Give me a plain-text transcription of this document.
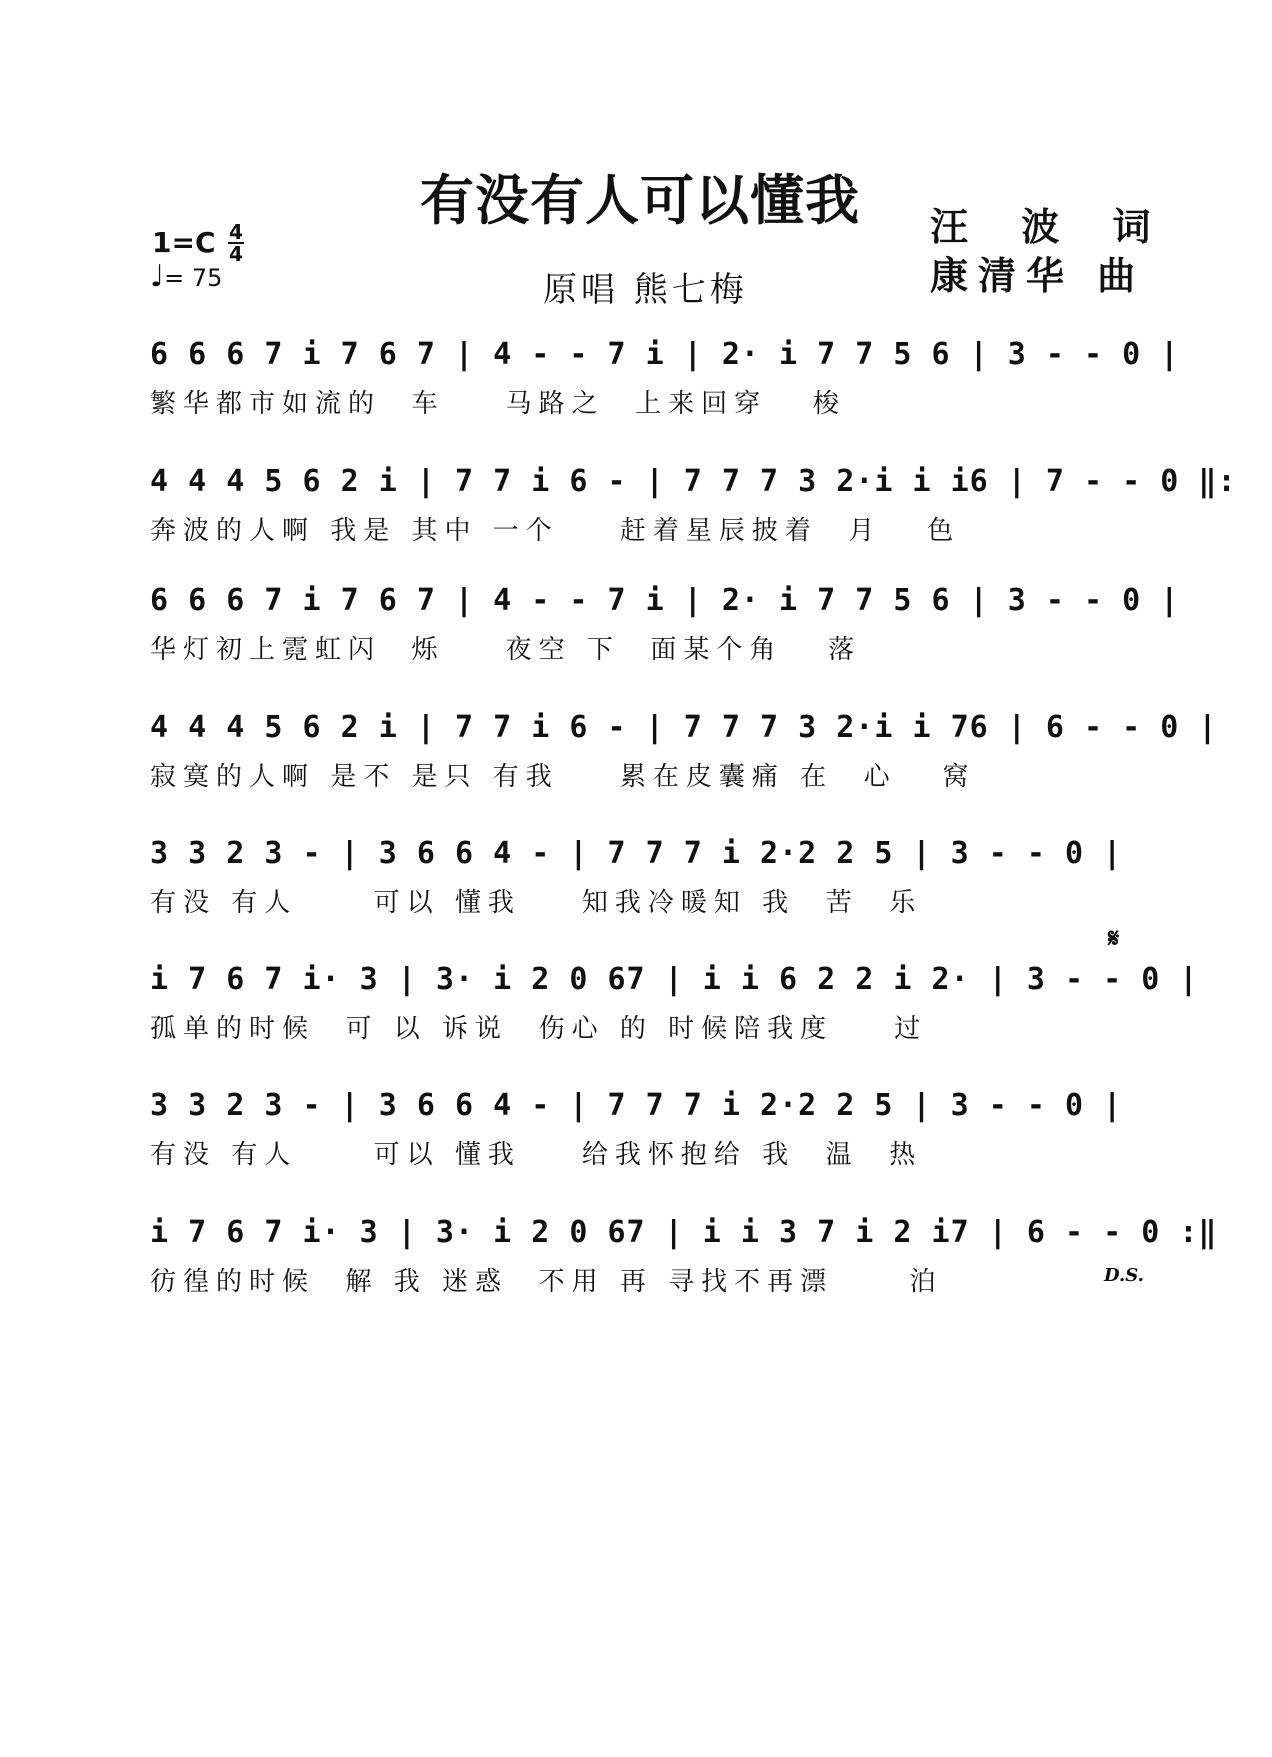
有没有人可以懂我 汪 波 词
康清华 曲
原唱 熊七梅
1=C 4
4
♩= 75
6 6 6 7 i 7 6 7 | 4 - - 7 i | 2· i 7 7 5 6 | 3 - - 0 |
繁华都市如流的  车    马路之  上来回穿   梭
4 4 4 5 6 2 i | 7 7 i 6 - | 7 7 7 3 2·i i i6 | 7 - - 0 ‖:
奔波的人啊 我是 其中 一个    赶着星辰披着  月   色
6 6 6 7 i 7 6 7 | 4 - - 7 i | 2· i 7 7 5 6 | 3 - - 0 |
华灯初上霓虹闪  烁    夜空 下  面某个角   落
4 4 4 5 6 2 i | 7 7 i 6 - | 7 7 7 3 2·i i 76 | 6 - - 0 |
寂寞的人啊 是不 是只 有我    累在皮囊痛 在  心   窝
3 3 2 3 - | 3 6 6 4 - | 7 7 7 i 2·2 2 5 | 3 - - 0 |
有没 有人     可以 懂我    知我冷暖知 我  苦  乐
i 7 6 7 i· 3 | 3· i 2 0 67 | i i 6 2 2 i 2· | 3 - - 0 |
孤单的时候  可 以 诉说  伤心 的 时候陪我度    过
3 3 2 3 - | 3 6 6 4 - | 7 7 7 i 2·2 2 5 | 3 - - 0 |
有没 有人     可以 懂我    给我怀抱给 我  温  热
i 7 6 7 i· 3 | 3· i 2 0 67 | i i 3 7 i 2 i7 | 6 - - 0 :‖
彷徨的时候  解 我 迷惑  不用 再 寻找不再漂     泊
𝄋
D.S.
